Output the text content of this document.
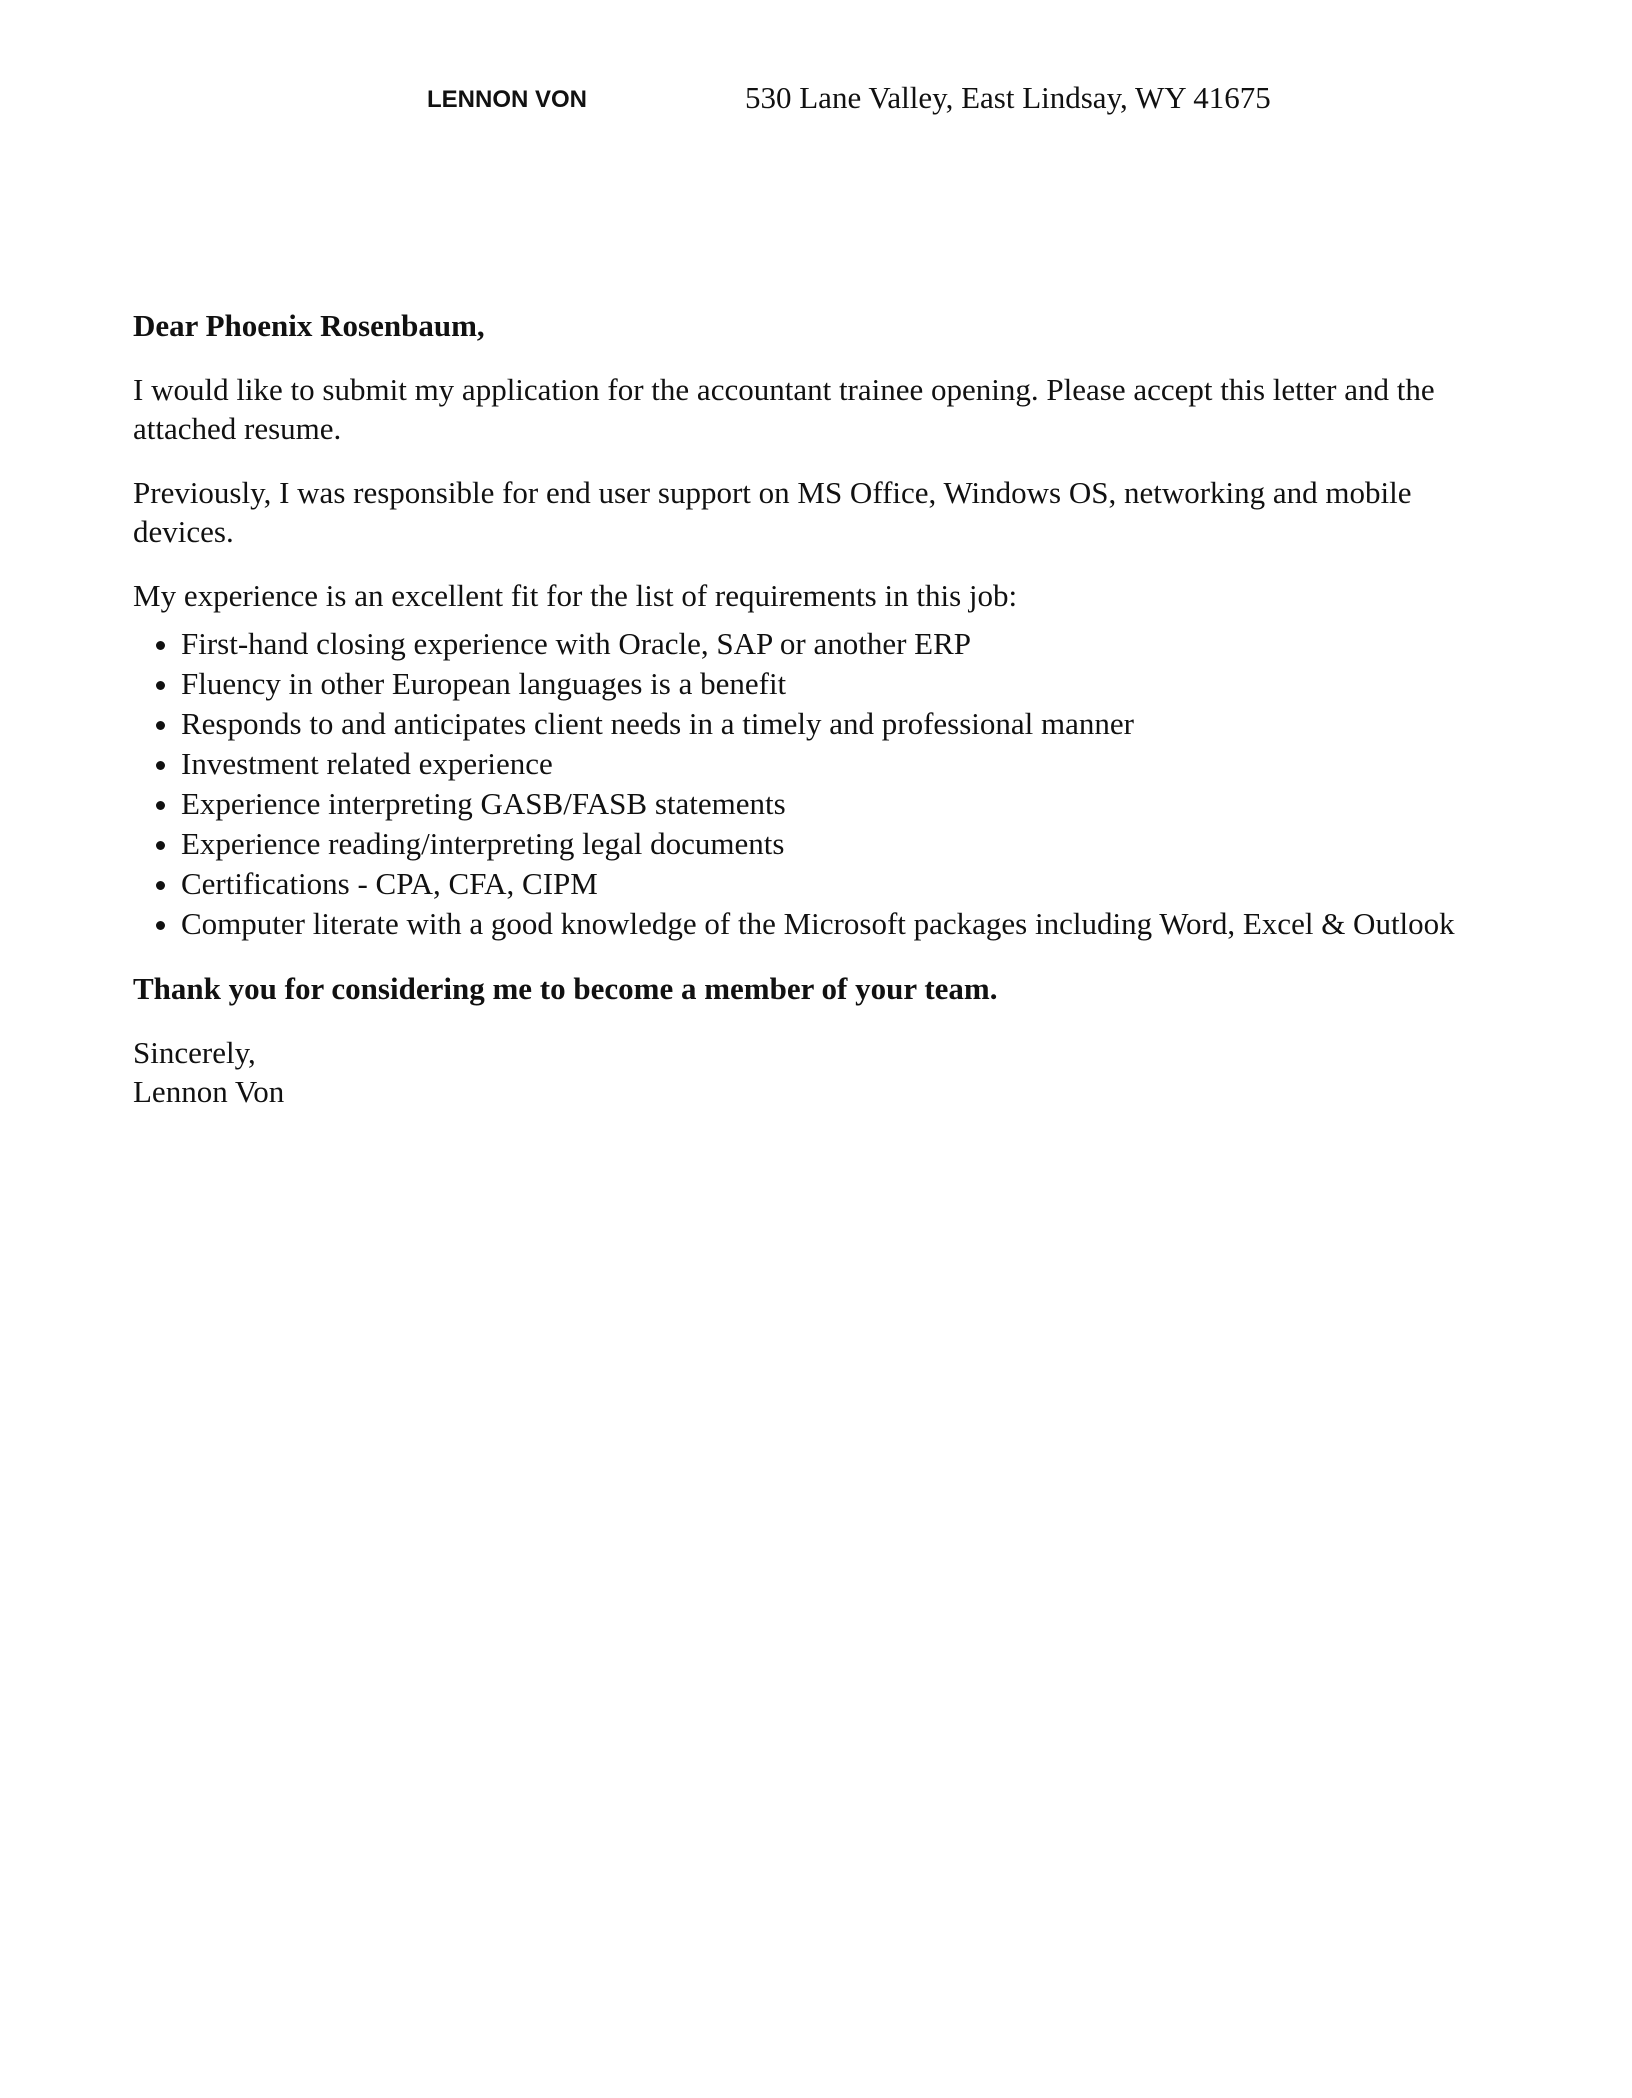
LENNON VON	530 Lane Valley, East Lindsay, WY 41675

Dear Phoenix Rosenbaum,

I would like to submit my application for the accountant trainee opening. Please accept this letter and the attached resume.

Previously, I was responsible for end user support on MS Office, Windows OS, networking and mobile devices.

My experience is an excellent fit for the list of requirements in this job:

• First-hand closing experience with Oracle, SAP or another ERP
• Fluency in other European languages is a benefit
• Responds to and anticipates client needs in a timely and professional manner
• Investment related experience
• Experience interpreting GASB/FASB statements
• Experience reading/interpreting legal documents
• Certifications - CPA, CFA, CIPM
• Computer literate with a good knowledge of the Microsoft packages including Word, Excel & Outlook

Thank you for considering me to become a member of your team.

Sincerely,
Lennon Von
